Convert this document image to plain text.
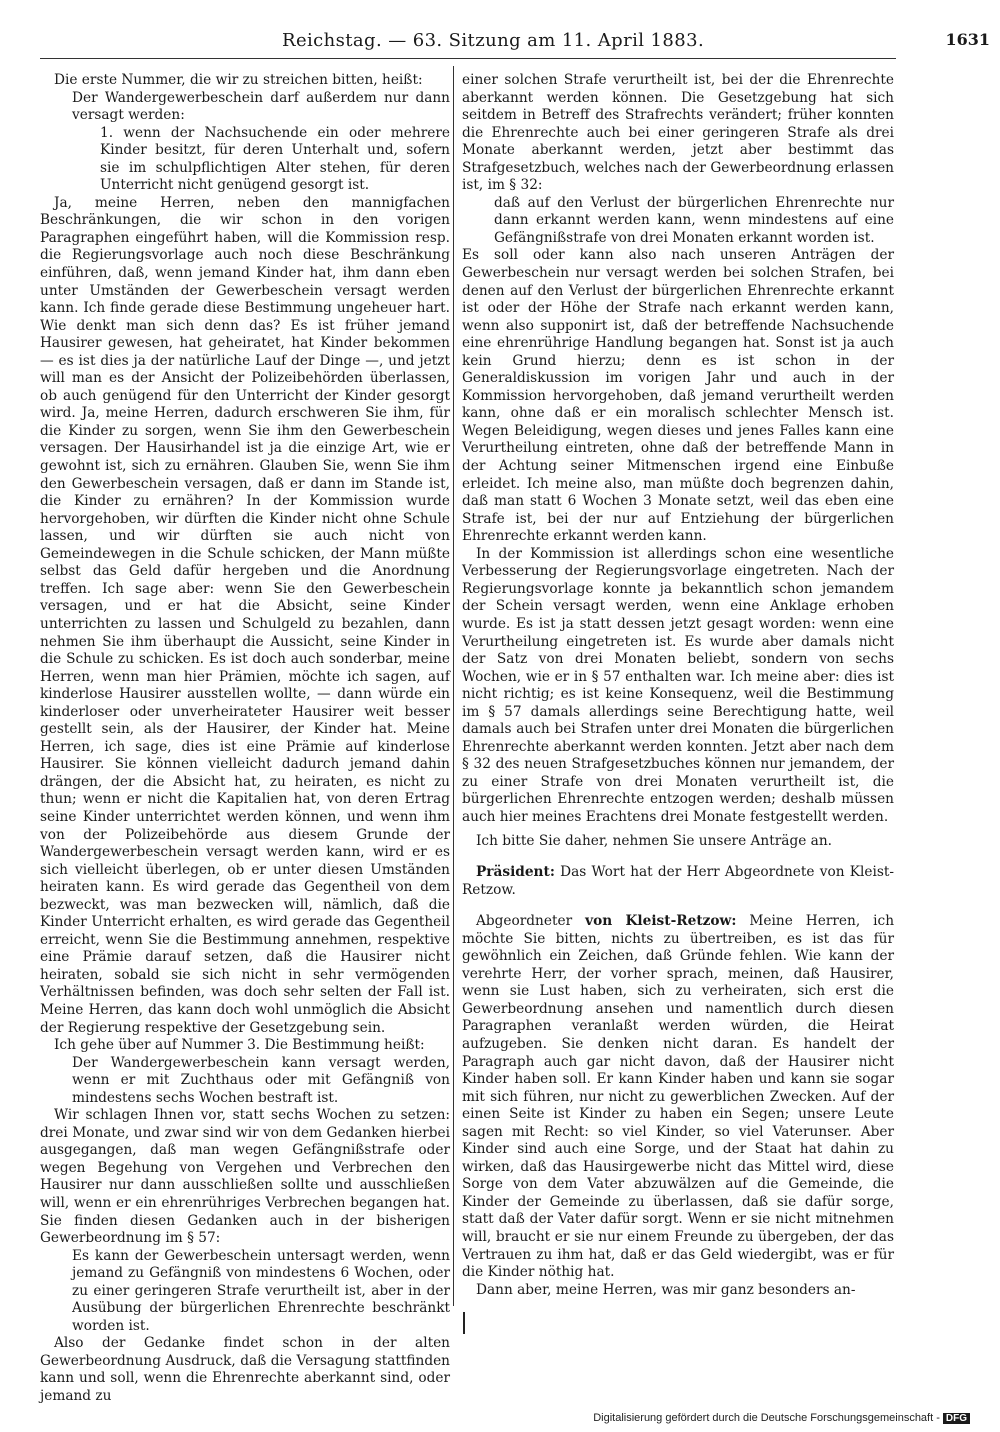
Reichstag. — 63. Sitzung am 11. April 1883.	1631

Die erste Nummer, die wir zu streichen bitten, heißt:

Der Wandergewerbeschein darf außerdem nur dann versagt werden:

1. wenn der Nachsuchende ein oder mehrere Kinder besitzt, für deren Unterhalt und, sofern sie im schulpflichtigen Alter stehen, für deren Unterricht nicht genügend gesorgt ist.

Ja, meine Herren, neben den mannigfachen Beschränkungen, die wir schon in den vorigen Paragraphen eingeführt haben, will die Kommission resp. die Regierungsvorlage auch noch diese Beschränkung einführen, daß, wenn jemand Kinder hat, ihm dann eben unter Umständen der Gewerbeschein versagt werden kann. Ich finde gerade diese Bestimmung ungeheuer hart. Wie denkt man sich denn das? Es ist früher jemand Hausirer gewesen, hat geheiratet, hat Kinder bekommen — es ist dies ja der natürliche Lauf der Dinge —, und jetzt will man es der Ansicht der Polizeibehörden überlassen, ob auch genügend für den Unterricht der Kinder gesorgt wird. Ja, meine Herren, dadurch erschweren Sie ihm, für die Kinder zu sorgen, wenn Sie ihm den Gewerbeschein versagen. Der Hausirhandel ist ja die einzige Art, wie er gewohnt ist, sich zu ernähren. Glauben Sie, wenn Sie ihm den Gewerbeschein versagen, daß er dann im Stande ist, die Kinder zu ernähren? In der Kommission wurde hervorgehoben, wir dürften die Kinder nicht ohne Schule lassen, und wir dürften sie auch nicht von Gemeindewegen in die Schule schicken, der Mann müßte selbst das Geld dafür hergeben und die Anordnung treffen. Ich sage aber: wenn Sie den Gewerbeschein versagen, und er hat die Absicht, seine Kinder unterrichten zu lassen und Schulgeld zu bezahlen, dann nehmen Sie ihm überhaupt die Aussicht, seine Kinder in die Schule zu schicken. Es ist doch auch sonderbar, meine Herren, wenn man hier Prämien, möchte ich sagen, auf kinderlose Hausirer ausstellen wollte, — dann würde ein kinderloser oder unverheirateter Hausirer weit besser gestellt sein, als der Hausirer, der Kinder hat. Meine Herren, ich sage, dies ist eine Prämie auf kinderlose Hausirer. Sie können vielleicht dadurch jemand dahin drängen, der die Absicht hat, zu heiraten, es nicht zu thun; wenn er nicht die Kapitalien hat, von deren Ertrag seine Kinder unterrichtet werden können, und wenn ihm von der Polizeibehörde aus diesem Grunde der Wandergewerbeschein versagt werden kann, wird er es sich vielleicht überlegen, ob er unter diesen Umständen heiraten kann. Es wird gerade das Gegentheil von dem bezweckt, was man bezwecken will, nämlich, daß die Kinder Unterricht erhalten, es wird gerade das Gegentheil erreicht, wenn Sie die Bestimmung annehmen, respektive eine Prämie darauf setzen, daß die Hausirer nicht heiraten, sobald sie sich nicht in sehr vermögenden Verhältnissen befinden, was doch sehr selten der Fall ist. Meine Herren, das kann doch wohl unmöglich die Absicht der Regierung respektive der Gesetzgebung sein.

Ich gehe über auf Nummer 3. Die Bestimmung heißt:

Der Wandergewerbeschein kann versagt werden, wenn er mit Zuchthaus oder mit Gefängniß von mindestens sechs Wochen bestraft ist.

Wir schlagen Ihnen vor, statt sechs Wochen zu setzen: drei Monate, und zwar sind wir von dem Gedanken hierbei ausgegangen, daß man wegen Gefängnißstrafe oder wegen Begehung von Vergehen und Verbrechen den Hausirer nur dann ausschließen sollte und ausschließen will, wenn er ein ehrenrühriges Verbrechen begangen hat. Sie finden diesen Gedanken auch in der bisherigen Gewerbeordnung im § 57:

Es kann der Gewerbeschein untersagt werden, wenn jemand zu Gefängniß von mindestens 6 Wochen, oder zu einer geringeren Strafe verurtheilt ist, aber in der Ausübung der bürgerlichen Ehrenrechte beschränkt worden ist.

Also der Gedanke findet schon in der alten Gewerbeordnung Ausdruck, daß die Versagung stattfinden kann und soll, wenn die Ehrenrechte aberkannt sind, oder jemand zu

einer solchen Strafe verurtheilt ist, bei der die Ehrenrechte aberkannt werden können. Die Gesetzgebung hat sich seitdem in Betreff des Strafrechts verändert; früher konnten die Ehrenrechte auch bei einer geringeren Strafe als drei Monate aberkannt werden, jetzt aber bestimmt das Strafgesetzbuch, welches nach der Gewerbeordnung erlassen ist, im § 32:

daß auf den Verlust der bürgerlichen Ehrenrechte nur dann erkannt werden kann, wenn mindestens auf eine Gefängnißstrafe von drei Monaten erkannt worden ist.

Es soll oder kann also nach unseren Anträgen der Gewerbeschein nur versagt werden bei solchen Strafen, bei denen auf den Verlust der bürgerlichen Ehrenrechte erkannt ist oder der Höhe der Strafe nach erkannt werden kann, wenn also supponirt ist, daß der betreffende Nachsuchende eine ehrenrührige Handlung begangen hat. Sonst ist ja auch kein Grund hierzu; denn es ist schon in der Generaldiskussion im vorigen Jahr und auch in der Kommission hervorgehoben, daß jemand verurtheilt werden kann, ohne daß er ein moralisch schlechter Mensch ist. Wegen Beleidigung, wegen dieses und jenes Falles kann eine Verurtheilung eintreten, ohne daß der betreffende Mann in der Achtung seiner Mitmenschen irgend eine Einbuße erleidet. Ich meine also, man müßte doch begrenzen dahin, daß man statt 6 Wochen 3 Monate setzt, weil das eben eine Strafe ist, bei der nur auf Entziehung der bürgerlichen Ehrenrechte erkannt werden kann.

In der Kommission ist allerdings schon eine wesentliche Verbesserung der Regierungsvorlage eingetreten. Nach der Regierungsvorlage konnte ja bekanntlich schon jemandem der Schein versagt werden, wenn eine Anklage erhoben wurde. Es ist ja statt dessen jetzt gesagt worden: wenn eine Verurtheilung eingetreten ist. Es wurde aber damals nicht der Satz von drei Monaten beliebt, sondern von sechs Wochen, wie er in § 57 enthalten war. Ich meine aber: dies ist nicht richtig; es ist keine Konsequenz, weil die Bestimmung im § 57 damals allerdings seine Berechtigung hatte, weil damals auch bei Strafen unter drei Monaten die bürgerlichen Ehrenrechte aberkannt werden konnten. Jetzt aber nach dem § 32 des neuen Strafgesetzbuches können nur jemandem, der zu einer Strafe von drei Monaten verurtheilt ist, die bürgerlichen Ehrenrechte entzogen werden; deshalb müssen auch hier meines Erachtens drei Monate festgestellt werden.

Ich bitte Sie daher, nehmen Sie unsere Anträge an.

Präsident: Das Wort hat der Herr Abgeordnete von Kleist-Retzow.

Abgeordneter von Kleist-Retzow: Meine Herren, ich möchte Sie bitten, nichts zu übertreiben, es ist das für gewöhnlich ein Zeichen, daß Gründe fehlen. Wie kann der verehrte Herr, der vorher sprach, meinen, daß Hausirer, wenn sie Lust haben, sich zu verheiraten, sich erst die Gewerbeordnung ansehen und namentlich durch diesen Paragraphen veranlaßt werden würden, die Heirat aufzugeben. Sie denken nicht daran. Es handelt der Paragraph auch gar nicht davon, daß der Hausirer nicht Kinder haben soll. Er kann Kinder haben und kann sie sogar mit sich führen, nur nicht zu gewerblichen Zwecken. Auf der einen Seite ist Kinder zu haben ein Segen; unsere Leute sagen mit Recht: so viel Kinder, so viel Vaterunser. Aber Kinder sind auch eine Sorge, und der Staat hat dahin zu wirken, daß das Hausirgewerbe nicht das Mittel wird, diese Sorge von dem Vater abzuwälzen auf die Gemeinde, die Kinder der Gemeinde zu überlassen, daß sie dafür sorge, statt daß der Vater dafür sorgt. Wenn er sie nicht mitnehmen will, braucht er sie nur einem Freunde zu übergeben, der das Vertrauen zu ihm hat, daß er das Geld wiedergibt, was er für die Kinder nöthig hat.

Dann aber, meine Herren, was mir ganz besonders an-

Digitalisierung gefördert durch die Deutsche Forschungsgemeinschaft - DFG
